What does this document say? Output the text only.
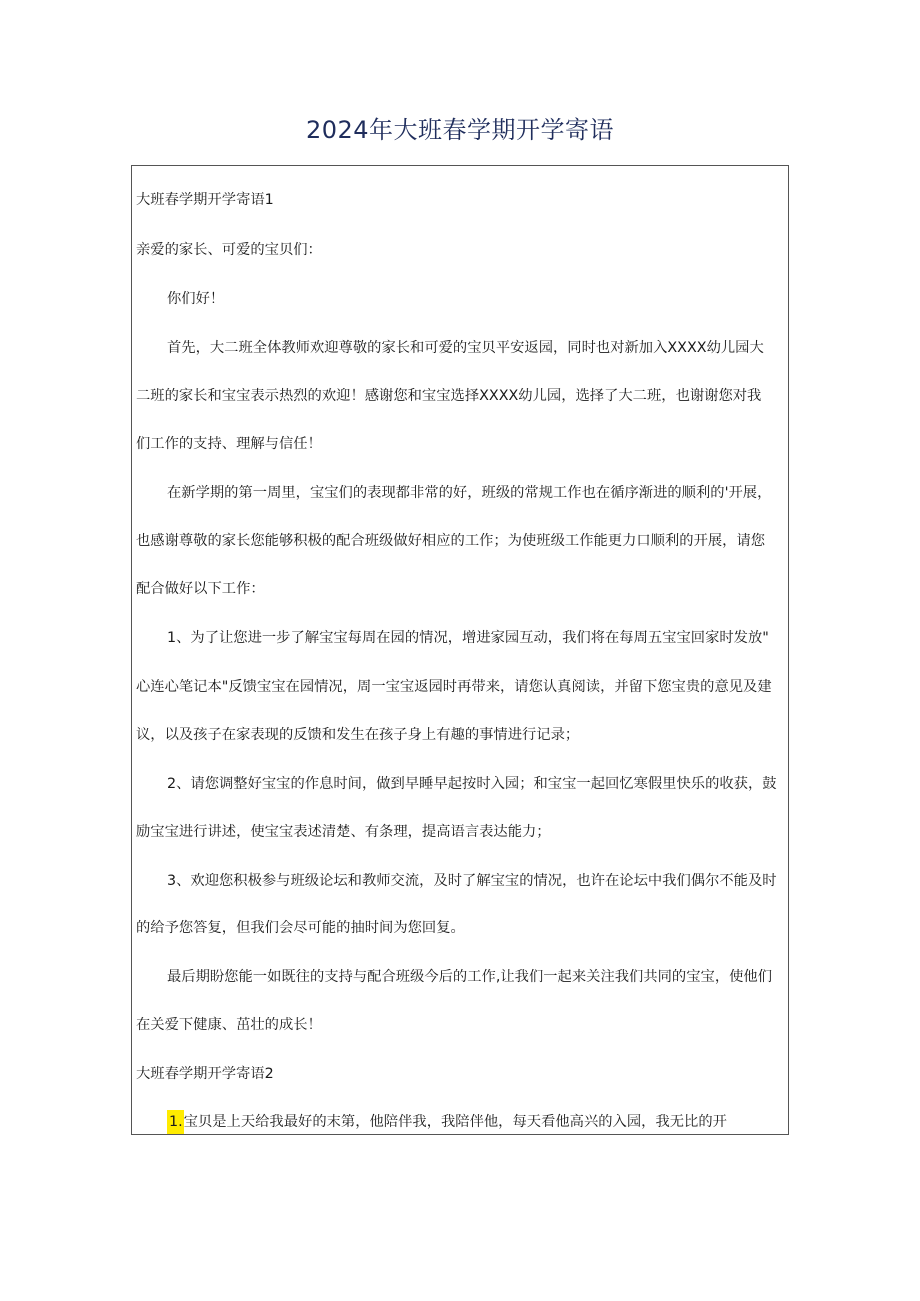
2024年大班春学期开学寄语
大班春学期开学寄语1
亲爱的家长、可爱的宝贝们：
你们好！
首先，大二班全体教师欢迎尊敬的家长和可爱的宝贝平安返园，同时也对新加入XXXX幼儿园大
二班的家长和宝宝表示热烈的欢迎！感谢您和宝宝选择XXXX幼儿园，选择了大二班，也谢谢您对我
们工作的支持、理解与信任！
在新学期的第一周里，宝宝们的表现都非常的好，班级的常规工作也在循序渐进的顺利的'开展，
也感谢尊敬的家长您能够积极的配合班级做好相应的工作；为使班级工作能更力口顺利的开展，请您
配合做好以下工作：
1、为了让您进一步了解宝宝每周在园的情况，增进家园互动，我们将在每周五宝宝回家时发放"
心连心笔记本"反馈宝宝在园情况，周一宝宝返园时再带来，请您认真阅读，并留下您宝贵的意见及建
议，以及孩子在家表现的反馈和发生在孩子身上有趣的事情进行记录；
2、请您调整好宝宝的作息时间，做到早睡早起按时入园；和宝宝一起回忆寒假里快乐的收获，鼓
励宝宝进行讲述，使宝宝表述清楚、有条理，提高语言表达能力；
3、欢迎您积极参与班级论坛和教师交流，及时了解宝宝的情况，也许在论坛中我们偶尔不能及时
的给予您答复，但我们会尽可能的抽时间为您回复。
最后期盼您能一如既往的支持与配合班级今后的工作,让我们一起来关注我们共同的宝宝，使他们
在关爱下健康、茁壮的成长！
大班春学期开学寄语2
1.宝贝是上天给我最好的末第，他陪伴我，我陪伴他，每天看他高兴的入园，我无比的开
